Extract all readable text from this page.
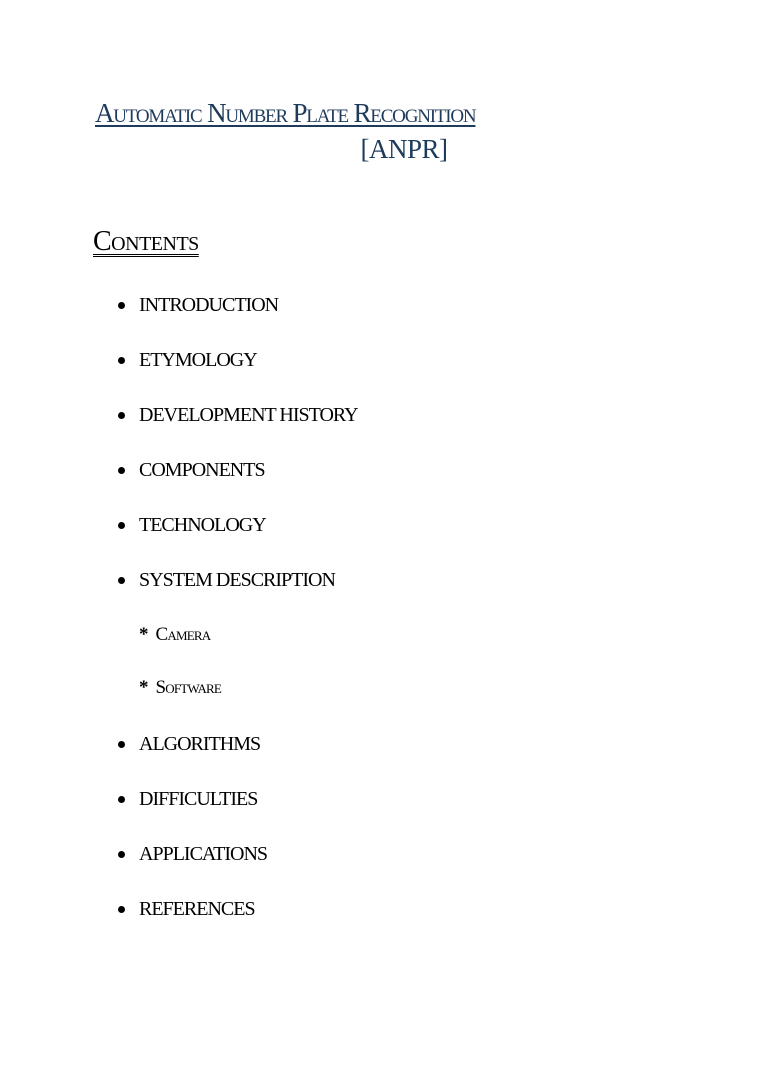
Automatic Number Plate Recognition
[ANPR]
Contents
INTRODUCTION
ETYMOLOGY
DEVELOPMENT HISTORY
COMPONENTS
TECHNOLOGY
SYSTEM DESCRIPTION
* Camera
* Software
ALGORITHMS
DIFFICULTIES
APPLICATIONS
REFERENCES
